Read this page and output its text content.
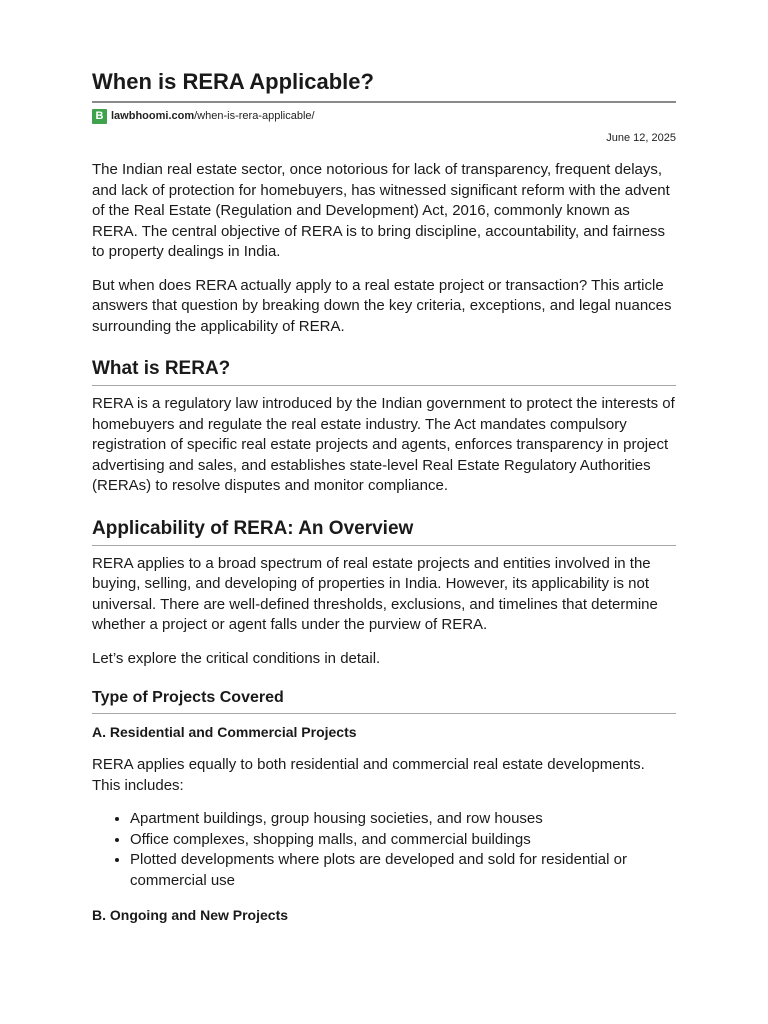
When is RERA Applicable?
B lawbhoomi.com/when-is-rera-applicable/
June 12, 2025

The Indian real estate sector, once notorious for lack of transparency, frequent delays, and lack of protection for homebuyers, has witnessed significant reform with the advent of the Real Estate (Regulation and Development) Act, 2016, commonly known as RERA. The central objective of RERA is to bring discipline, accountability, and fairness to property dealings in India.

But when does RERA actually apply to a real estate project or transaction? This article answers that question by breaking down the key criteria, exceptions, and legal nuances surrounding the applicability of RERA.

What is RERA?

RERA is a regulatory law introduced by the Indian government to protect the interests of homebuyers and regulate the real estate industry. The Act mandates compulsory registration of specific real estate projects and agents, enforces transparency in project advertising and sales, and establishes state-level Real Estate Regulatory Authorities (RERAs) to resolve disputes and monitor compliance.

Applicability of RERA: An Overview

RERA applies to a broad spectrum of real estate projects and entities involved in the buying, selling, and developing of properties in India. However, its applicability is not universal. There are well-defined thresholds, exclusions, and timelines that determine whether a project or agent falls under the purview of RERA.

Let’s explore the critical conditions in detail.

Type of Projects Covered
A. Residential and Commercial Projects

RERA applies equally to both residential and commercial real estate developments. This includes:

• Apartment buildings, group housing societies, and row houses
• Office complexes, shopping malls, and commercial buildings
• Plotted developments where plots are developed and sold for residential or commercial use
B. Ongoing and New Projects
